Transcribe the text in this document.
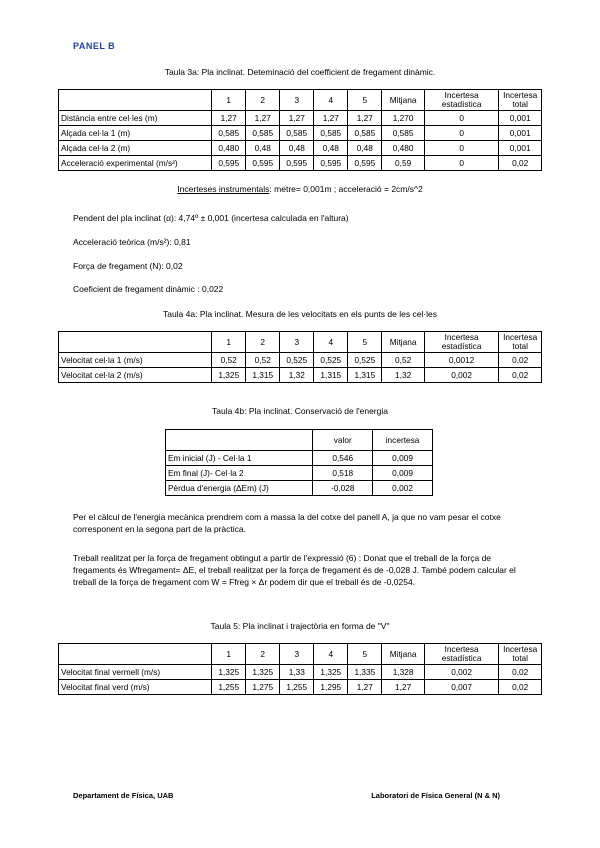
PANEL B
Taula 3a: Pla inclinat. Deteminació del coefficient de fregament dinàmic.
	1	2	3	4	5	Mitjana	Incertesa estadística	Incertesa total
Distància entre cel·les (m)	1,27	1,27	1,27	1,27	1,27	1,270	0	0,001
Alçada cel·la 1 (m)	0,585	0,585	0,585	0,585	0,585	0,585	0	0,001
Alçada cel·la 2 (m)	0,480	0,48	0,48	0,48	0,48	0,480	0	0,001
Acceleració experimental (m/s²)	0,595	0,595	0,595	0,595	0,595	0,59	0	0,02
Incerteses instrumentals: metre= 0,001m ; acceleració = 2cm/s^2
Pendent del pla inclinat (α): 4,74º ± 0,001 (incertesa calculada en l'altura)
Acceleració teòrica (m/s²): 0,81
Força de fregament (N): 0,02
Coeficient de fregament dinàmic : 0,022
Taula 4a: Pla inclinat. Mesura de les velocitats en els punts de les cel·les
	1	2	3	4	5	Mitjana	Incertesa estadística	Incertesa total
Velocitat cel·la 1 (m/s)	0,52	0,52	0,525	0,525	0,525	0,52	0,0012	0,02
Velocitat cel·la 2 (m/s)	1,325	1,315	1,32	1,315	1,315	1,32	0,002	0,02
Taula 4b: Pla inclinat. Conservació de l'energia
	valor	incertesa
Em inicial (J) - Cel·la 1	0,546	0,009
Em final (J)- Cel·la 2	0,518	0,009
Pèrdua d'energia (ΔEm) (J)	-0,028	0,002
Per el càlcul de l'energia mecànica prendrem com a massa la del cotxe del panell A, ja que no vam pesar el cotxe corresponent en la segona part de la pràctica.
Treball realitzat per la força de fregament obtingut a partir de l'expressió (6) : Donat que el treball de la força de fregaments és Wfregament= ΔE, el treball realitzat per la força de fregament és de -0,028 J. També podem calcular el treball de la força de fregament com W = Ffreg × Δr podem dir que el treball és de -0,0254.
Taula 5: Pla inclinat i trajectòria en forma de "V"
	1	2	3	4	5	Mitjana	Incertesa estadística	Incertesa total
Velocitat final vermell (m/s)	1,325	1,325	1,33	1,325	1,335	1,328	0,002	0,02
Velocitat final verd (m/s)	1,255	1,275	1,255	1,295	1,27	1,27	0,007	0,02
Departament de Física, UAB	Laboratori de Física General (N & N)
